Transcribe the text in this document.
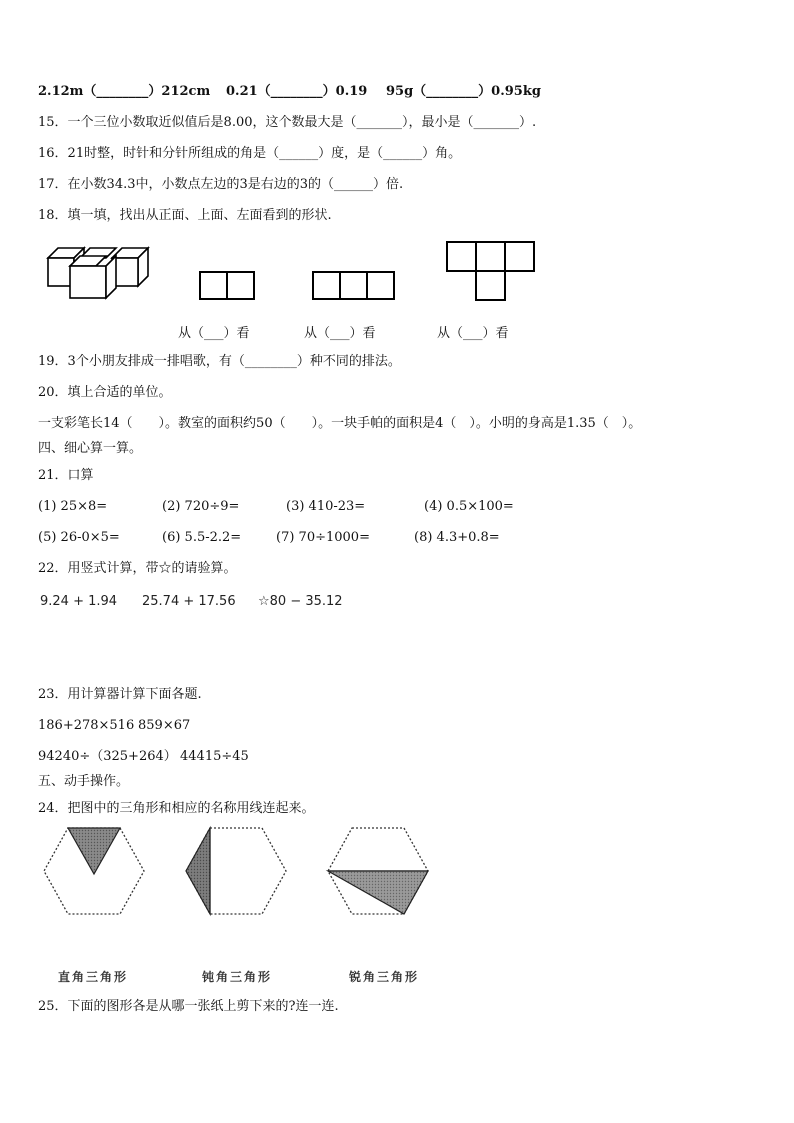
2.12m（________）212cm 0.21（________）0.19 95g（________）0.95kg
15．一个三位小数取近似值后是8.00，这个数最大是（_______），最小是（_______）.
16．21时整，时针和分针所组成的角是（______）度，是（______）角。
17．在小数34.3中，小数点左边的3是右边的3的（______）倍.
18．填一填，找出从正面、上面、左面看到的形状.
从（___）看	从（___）看	从（___）看
19．3个小朋友排成一排唱歌，有（________）种不同的排法。
20．填上合适的单位。
一支彩笔长14（　　）。教室的面积约50（　　）。一块手帕的面积是4（　）。小明的身高是1.35（　）。
四、细心算一算。
21．口算
(1) 25×8=	(2) 720÷9=	(3) 410-23=	(4) 0.5×100=
(5) 26-0×5=	(6) 5.5-2.2=	(7) 70÷1000=	(8) 4.3+0.8=
22．用竖式计算，带☆的请验算。
9.24 + 1.94 25.74 + 17.56 ☆80 − 35.12
23．用计算器计算下面各题.
186+278×516 859×67
94240÷（325+264） 44415÷45
五、动手操作。
24．把图中的三角形和相应的名称用线连起来。
直角三角形	钝角三角形	锐角三角形
25．下面的图形各是从哪一张纸上剪下来的?连一连.
